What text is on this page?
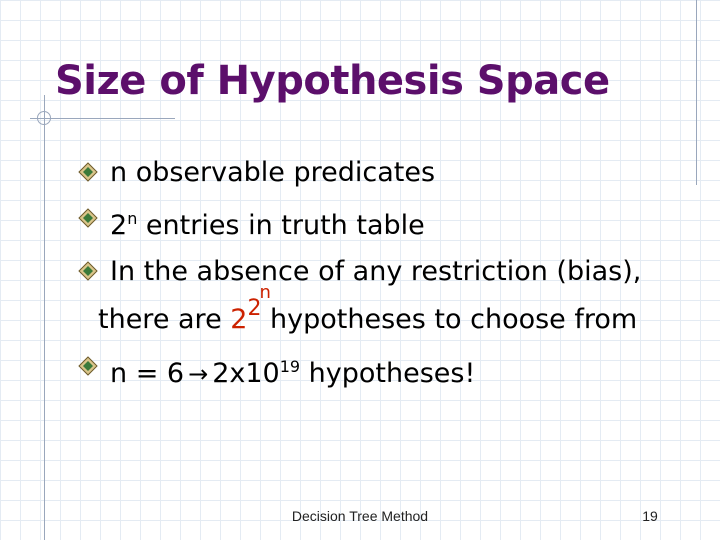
Size of Hypothesis Space
n observable predicates
2$^n$ entries in truth table
In the absence of any restriction (bias),
there are $2^2$ hypotheses to choose from
$n = 6 \to 2x10^{19}$ hypotheses!
Decision Tree Method	19
n
